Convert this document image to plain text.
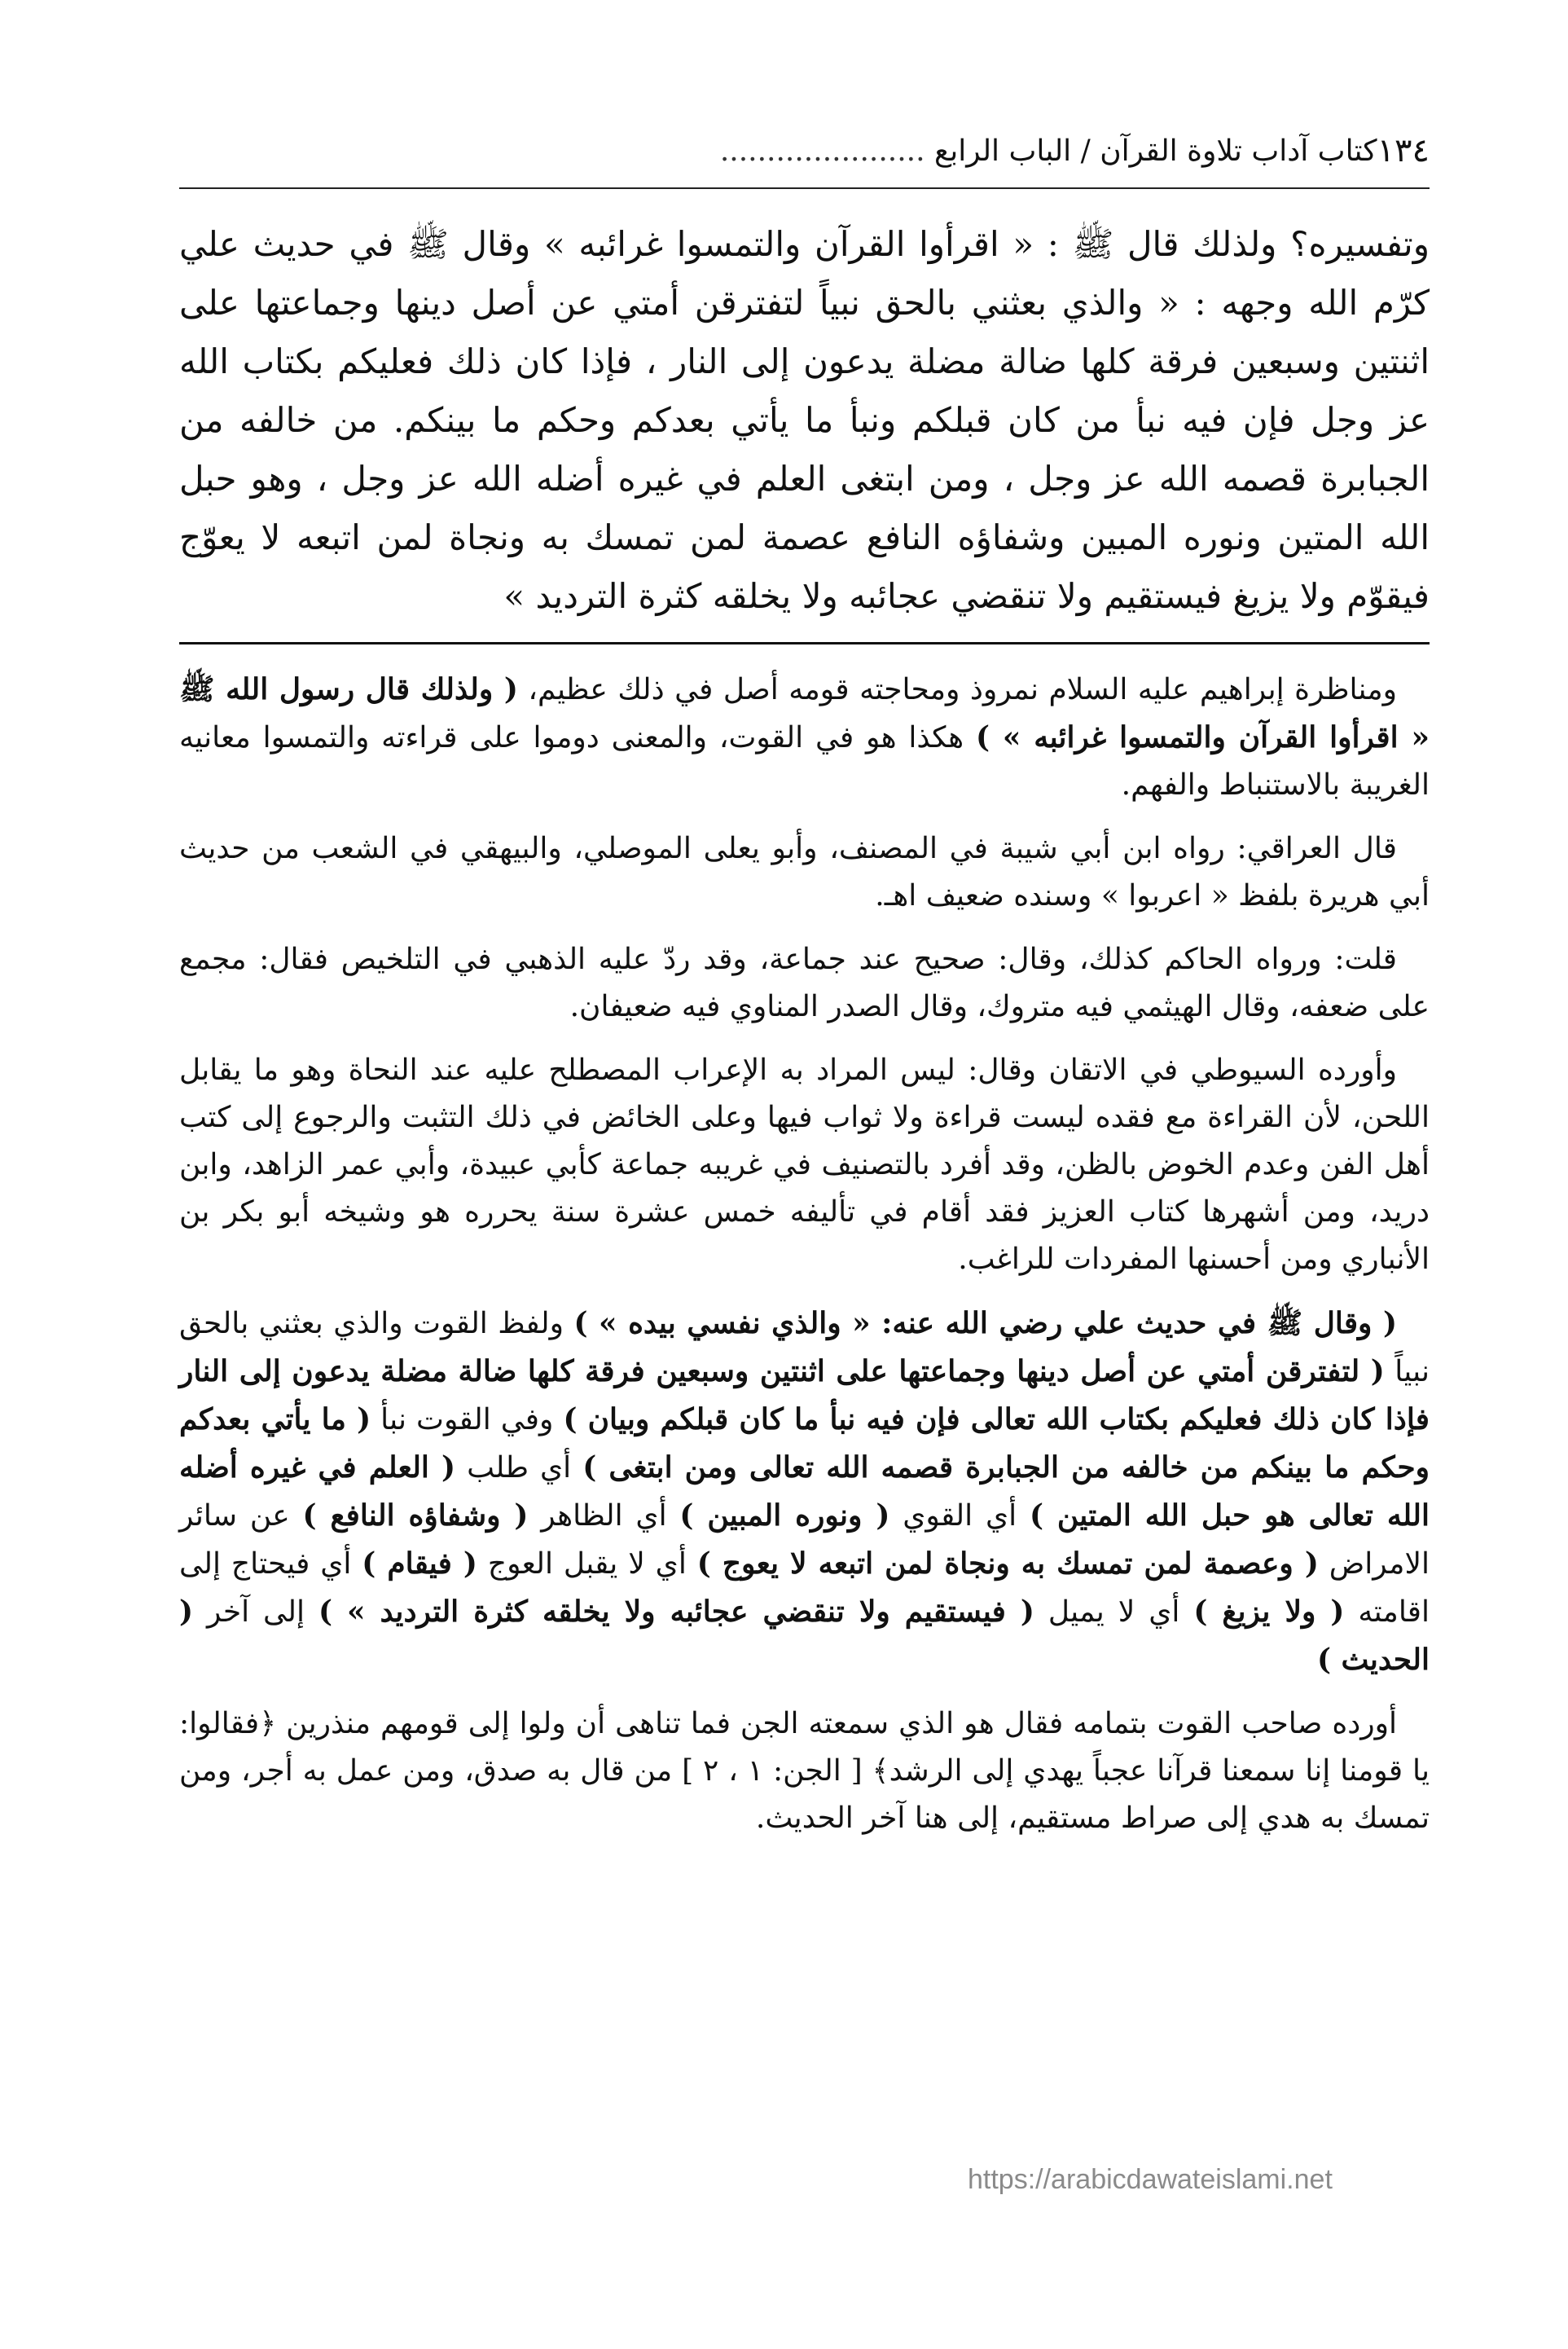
١٣٤
كتاب آداب تلاوة القرآن / الباب الرابع ......................

وتفسيره؟ ولذلك قال ﷺ : « اقرأوا القرآن والتمسوا غرائبه » وقال ﷺ في حديث علي كرّم الله وجهه : « والذي بعثني بالحق نبياً لتفترقن أمتي عن أصل دينها وجماعتها على اثنتين وسبعين فرقة كلها ضالة مضلة يدعون إلى النار ، فإذا كان ذلك فعليكم بكتاب الله عز وجل فإن فيه نبأ من كان قبلكم ونبأ ما يأتي بعدكم وحكم ما بينكم. من خالفه من الجبابرة قصمه الله عز وجل ، ومن ابتغى العلم في غيره أضله الله عز وجل ، وهو حبل الله المتين ونوره المبين وشفاؤه النافع عصمة لمن تمسك به ونجاة لمن اتبعه لا يعوّج فيقوّم ولا يزيغ فيستقيم ولا تنقضي عجائبه ولا يخلقه كثرة الترديد »

ومناظرة إبراهيم عليه السلام نمروذ ومحاجته قومه أصل في ذلك عظيم، ( ولذلك قال رسول الله ﷺ « اقرأوا القرآن والتمسوا غرائبه » ) هكذا هو في القوت، والمعنى دوموا على قراءته والتمسوا معانيه الغريبة بالاستنباط والفهم.

قال العراقي: رواه ابن أبي شيبة في المصنف، وأبو يعلى الموصلي، والبيهقي في الشعب من حديث أبي هريرة بلفظ « اعربوا » وسنده ضعيف اهـ.

قلت: ورواه الحاكم كذلك، وقال: صحيح عند جماعة، وقد ردّ عليه الذهبي في التلخيص فقال: مجمع على ضعفه، وقال الهيثمي فيه متروك، وقال الصدر المناوي فيه ضعيفان.

وأورده السيوطي في الاتقان وقال: ليس المراد به الإعراب المصطلح عليه عند النحاة وهو ما يقابل اللحن، لأن القراءة مع فقده ليست قراءة ولا ثواب فيها وعلى الخائض في ذلك التثبت والرجوع إلى كتب أهل الفن وعدم الخوض بالظن، وقد أفرد بالتصنيف في غريبه جماعة كأبي عبيدة، وأبي عمر الزاهد، وابن دريد، ومن أشهرها كتاب العزيز فقد أقام في تأليفه خمس عشرة سنة يحرره هو وشيخه أبو بكر بن الأنباري ومن أحسنها المفردات للراغب.

( وقال ﷺ في حديث علي رضي الله عنه: « والذي نفسي بيده » ) ولفظ القوت والذي بعثني بالحق نبياً ( لتفترقن أمتي عن أصل دينها وجماعتها على اثنتين وسبعين فرقة كلها ضالة مضلة يدعون إلى النار فإذا كان ذلك فعليكم بكتاب الله تعالى فإن فيه نبأ ما كان قبلكم وبيان ) وفي القوت نبأ ( ما يأتي بعدكم وحكم ما بينكم من خالفه من الجبابرة قصمه الله تعالى ومن ابتغى ) أي طلب ( العلم في غيره أضله الله تعالى هو حبل الله المتين ) أي القوي ( ونوره المبين ) أي الظاهر ( وشفاؤه النافع ) عن سائر الامراض ( وعصمة لمن تمسك به ونجاة لمن اتبعه لا يعوج ) أي لا يقبل العوج ( فيقام ) أي فيحتاج إلى اقامته ( ولا يزيغ ) أي لا يميل ( فيستقيم ولا تنقضي عجائبه ولا يخلقه كثرة الترديد » ) إلى آخر ( الحديث )

أورده صاحب القوت بتمامه فقال هو الذي سمعته الجن فما تناهى أن ولوا إلى قومهم منذرين ﴿فقالوا: يا قومنا إنا سمعنا قرآنا عجباً يهدي إلى الرشد﴾ [ الجن: ١ ، ٢ ] من قال به صدق، ومن عمل به أجر، ومن تمسك به هدي إلى صراط مستقيم، إلى هنا آخر الحديث.

https://arabicdawateislami.net
